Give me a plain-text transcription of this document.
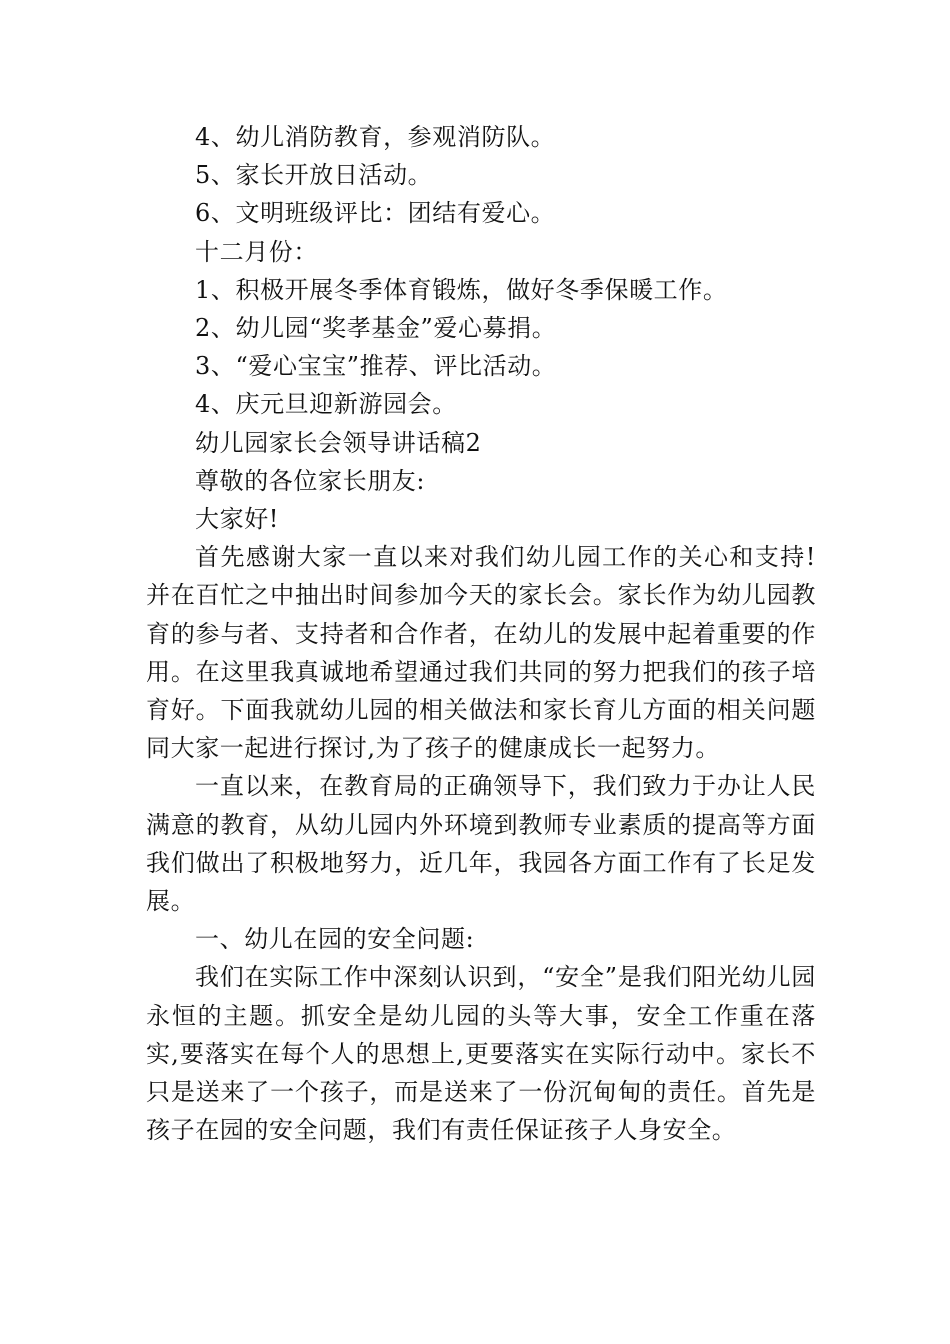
4、幼儿消防教育，参观消防队。

5、家长开放日活动。

6、文明班级评比：团结有爱心。

十二月份：

1、积极开展冬季体育锻炼，做好冬季保暖工作。

2、幼儿园“奖孝基金”爱心募捐。

3、“爱心宝宝”推荐、评比活动。

4、庆元旦迎新游园会。

幼儿园家长会领导讲话稿2

尊敬的各位家长朋友:

大家好!

首先感谢大家一直以来对我们幼儿园工作的关心和支持!并在百忙之中抽出时间参加今天的家长会。家长作为幼儿园教育的参与者、支持者和合作者，在幼儿的发展中起着重要的作用。在这里我真诚地希望通过我们共同的努力把我们的孩子培育好。下面我就幼儿园的相关做法和家长育儿方面的相关问题同大家一起进行探讨,为了孩子的健康成长一起努力。

一直以来，在教育局的正确领导下，我们致力于办让人民满意的教育，从幼儿园内外环境到教师专业素质的提高等方面我们做出了积极地努力，近几年，我园各方面工作有了长足发展。

一、幼儿在园的安全问题:

我们在实际工作中深刻认识到，“安全”是我们阳光幼儿园永恒的主题。抓安全是幼儿园的头等大事，安全工作重在落实,要落实在每个人的思想上,更要落实在实际行动中。家长不只是送来了一个孩子，而是送来了一份沉甸甸的责任。首先是孩子在园的安全问题，我们有责任保证孩子人身安全。
